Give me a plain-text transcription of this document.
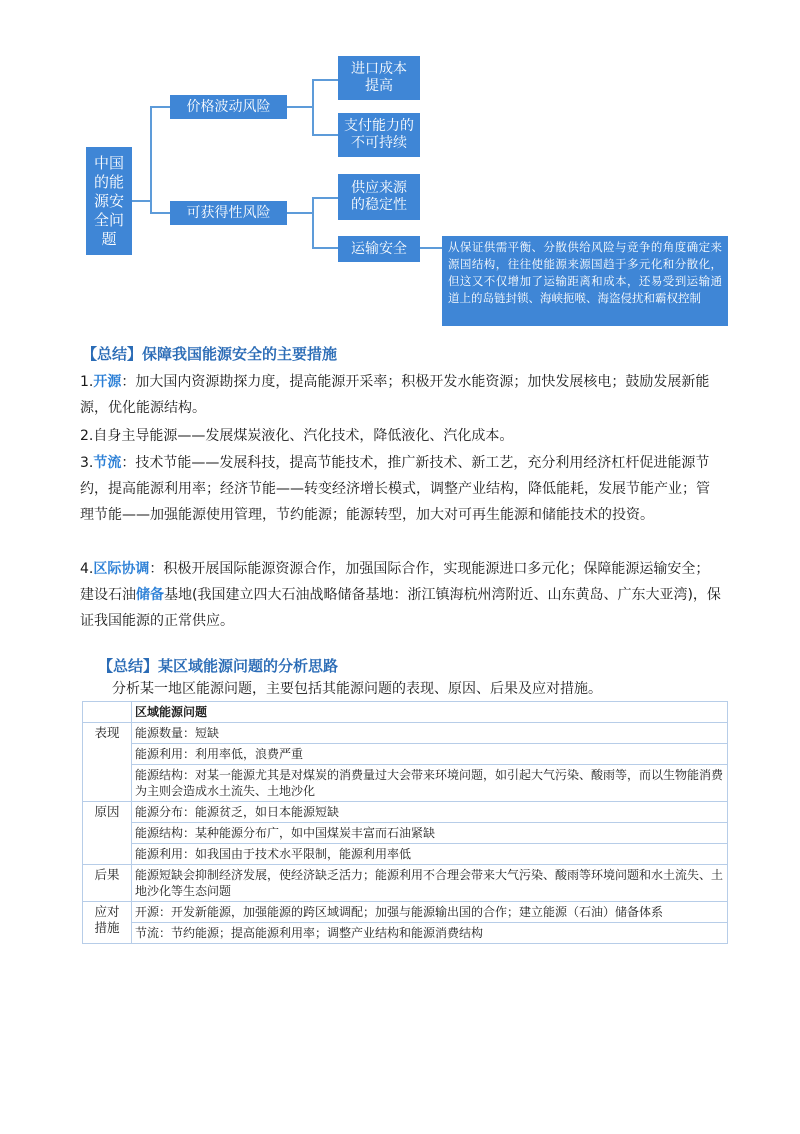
中国的能源安全问题
价格波动风险
可获得性风险
进口成本提高
支付能力的不可持续
供应来源的稳定性
运输安全	从保证供需平衡、分散供给风险与竞争的角度确定来源国结构，往往使能源来源国趋于多元化和分散化，但这又不仅增加了运输距离和成本，还易受到运输通道上的岛链封锁、海峡扼喉、海盗侵扰和霸权控制
【总结】保障我国能源安全的主要措施
1.开源：加大国内资源勘探力度，提高能源开采率；积极开发水能资源；加快发展核电；鼓励发展新能源，优化能源结构。
2.自身主导能源——发展煤炭液化、汽化技术，降低液化、汽化成本。
3.节流：技术节能——发展科技，提高节能技术，推广新技术、新工艺，充分利用经济杠杆促进能源节约，提高能源利用率；经济节能——转变经济增长模式，调整产业结构，降低能耗，发展节能产业；管理节能——加强能源使用管理，节约能源；能源转型，加大对可再生能源和储能技术的投资。
4.区际协调：积极开展国际能源资源合作，加强国际合作，实现能源进口多元化；保障能源运输安全；建设石油储备基地(我国建立四大石油战略储备基地：浙江镇海杭州湾附近、山东黄岛、广东大亚湾)，保证我国能源的正常供应。
【总结】某区域能源问题的分析思路
分析某一地区能源问题，主要包括其能源问题的表现、原因、后果及应对措施。
	区域能源问题
表现	能源数量：短缺
	能源利用：利用率低，浪费严重
	能源结构：对某一能源尤其是对煤炭的消费量过大会带来环境问题，如引起大气污染、酸雨等，而以生物能消费为主则会造成水土流失、土地沙化
原因	能源分布：能源贫乏，如日本能源短缺
	能源结构：某种能源分布广，如中国煤炭丰富而石油紧缺
	能源利用：如我国由于技术水平限制，能源利用率低
后果	能源短缺会抑制经济发展，使经济缺乏活力；能源利用不合理会带来大气污染、酸雨等环境问题和水土流失、土地沙化等生态问题

应对措施	开源：开发新能源，加强能源的跨区域调配；加强与能源输出国的合作；建立能源（石油）储备体系
	节流：节约能源；提高能源利用率；调整产业结构和能源消费结构
